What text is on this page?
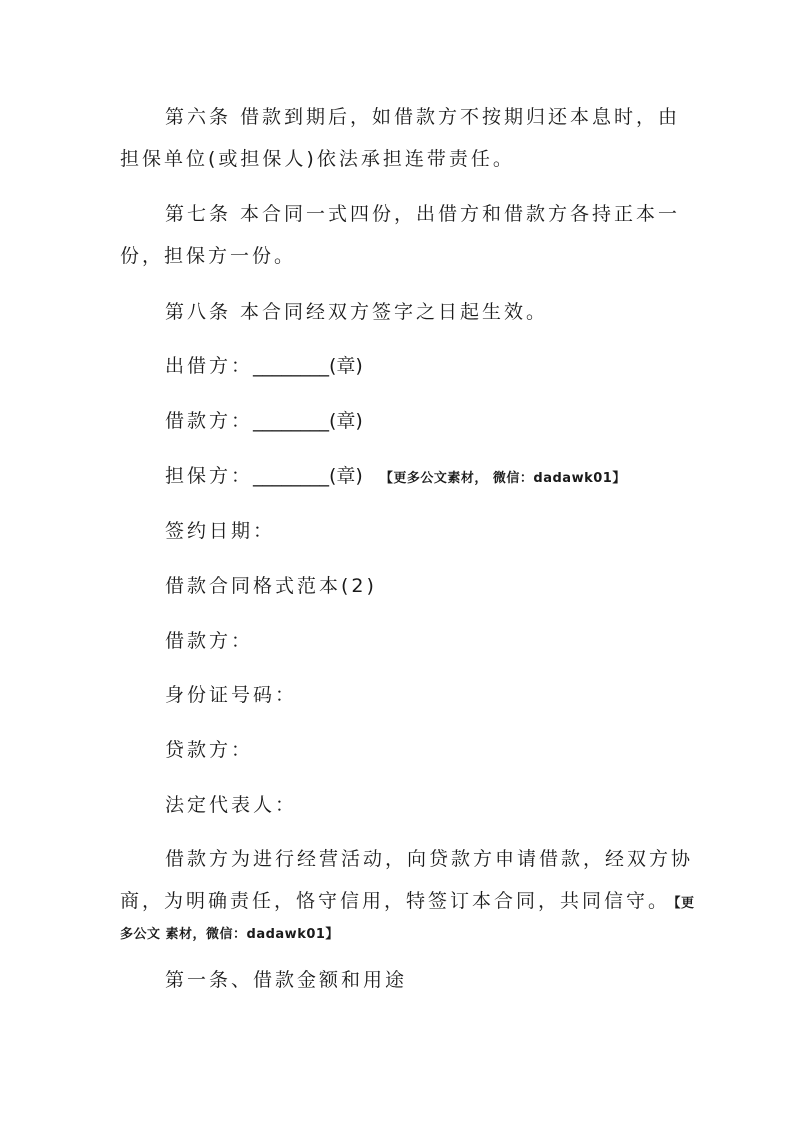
第六条 借款到期后，如借款方不按期归还本息时，由
担保单位(或担保人)依法承担连带责任。
第七条 本合同一式四份，出借方和借款方各持正本一
份，担保方一份。
第八条 本合同经双方签字之日起生效。
出借方：________(章)
借款方：________(章)
担保方：________(章) 【更多公文素材， 微信：dadawk01】
签约日期：
借款合同格式范本(2)
借款方：
身份证号码：
贷款方：
法定代表人：
借款方为进行经营活动，向贷款方申请借款，经双方协
商，为明确责任，恪守信用，特签订本合同，共同信守。 【更
多公文 素材，微信：dadawk01】
第一条、借款金额和用途
